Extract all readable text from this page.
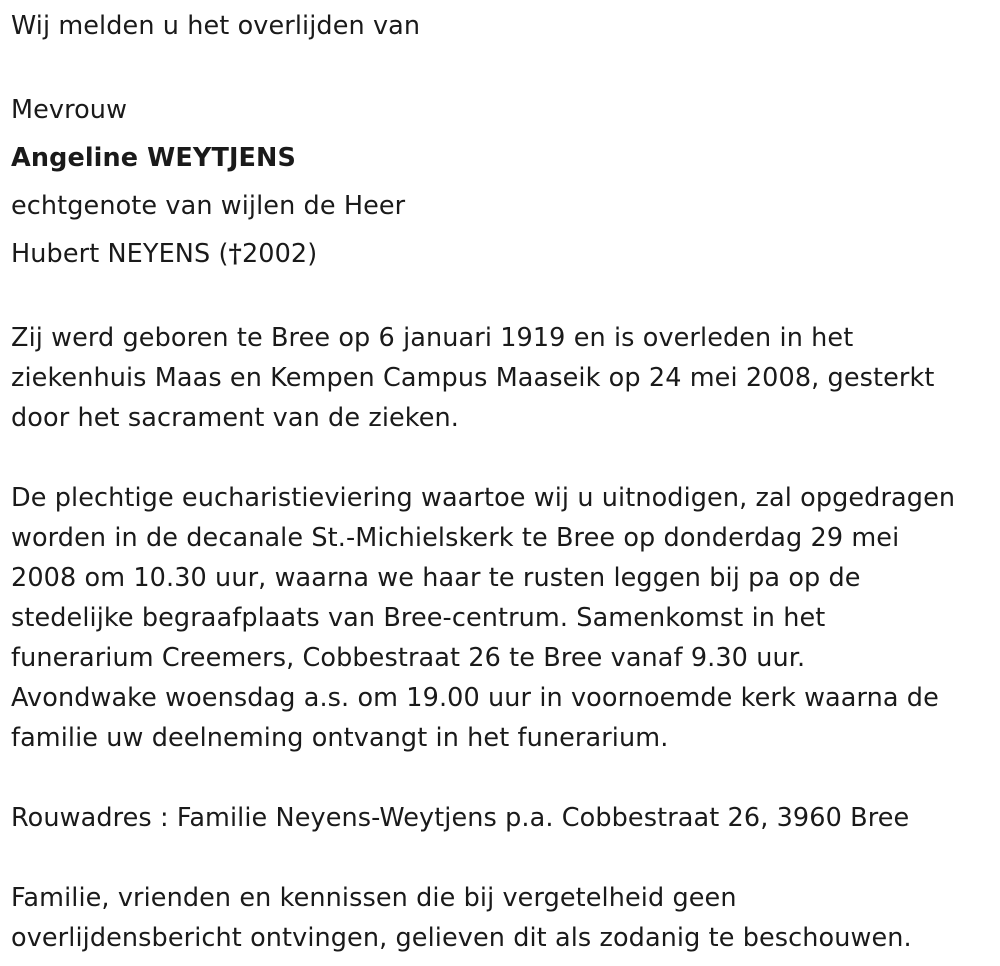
Wij melden u het overlijden van
Mevrouw
Angeline WEYTJENS
echtgenote van wijlen de Heer
Hubert NEYENS (†2002)
Zij werd geboren te Bree op 6 januari 1919 en is overleden in het
ziekenhuis Maas en Kempen Campus Maaseik op 24 mei 2008, gesterkt
door het sacrament van de zieken.
De plechtige eucharistieviering waartoe wij u uitnodigen, zal opgedragen
worden in de decanale St.-Michielskerk te Bree op donderdag 29 mei
2008 om 10.30 uur, waarna we haar te rusten leggen bij pa op de
stedelijke begraafplaats van Bree-centrum. Samenkomst in het
funerarium Creemers, Cobbestraat 26 te Bree vanaf 9.30 uur.
Avondwake woensdag a.s. om 19.00 uur in voornoemde kerk waarna de
familie uw deelneming ontvangt in het funerarium.
Rouwadres : Familie Neyens-Weytjens p.a. Cobbestraat 26, 3960 Bree
Familie, vrienden en kennissen die bij vergetelheid geen
overlijdensbericht ontvingen, gelieven dit als zodanig te beschouwen.
